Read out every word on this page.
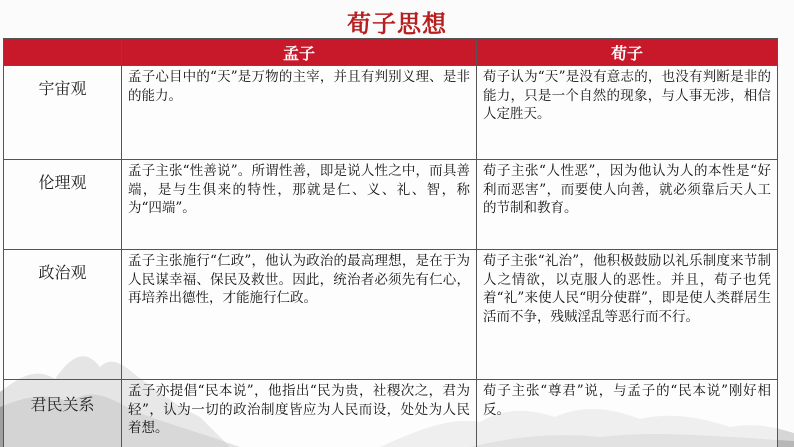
荀子思想
	孟子	荀子
宇宙观	孟子心目中的“天”是万物的主宰，并且有判别义理、是非的能力。	荀子认为“天”是没有意志的，也没有判断是非的能力，只是一个自然的现象，与人事无涉，相信人定胜天。
伦理观	孟子主张“性善说”。所谓性善，即是说人性之中，而具善端，是与生俱来的特性，那就是仁、义、礼、智，称为“四端”。	荀子主张“人性恶”，因为他认为人的本性是“好利而恶害”，而要使人向善，就必须靠后天人工的节制和教育。
政治观	孟子主张施行“仁政”，他认为政治的最高理想，是在于为人民谋幸福、保民及救世。因此，统治者必须先有仁心，再培养出德性，才能施行仁政。	荀子主张“礼治”，他积极鼓励以礼乐制度来节制人之情欲，以克服人的恶性。并且，荀子也凭着“礼”来使人民“明分使群”，即是使人类群居生活而不争，残贼淫乱等恶行而不行。
君民关系	孟子亦提倡“民本说”，他指出“民为贵，社稷次之，君为轻”，认为一切的政治制度皆应为人民而设，处处为人民着想。	荀子主张“尊君”说，与孟子的“民本说”刚好相反。
